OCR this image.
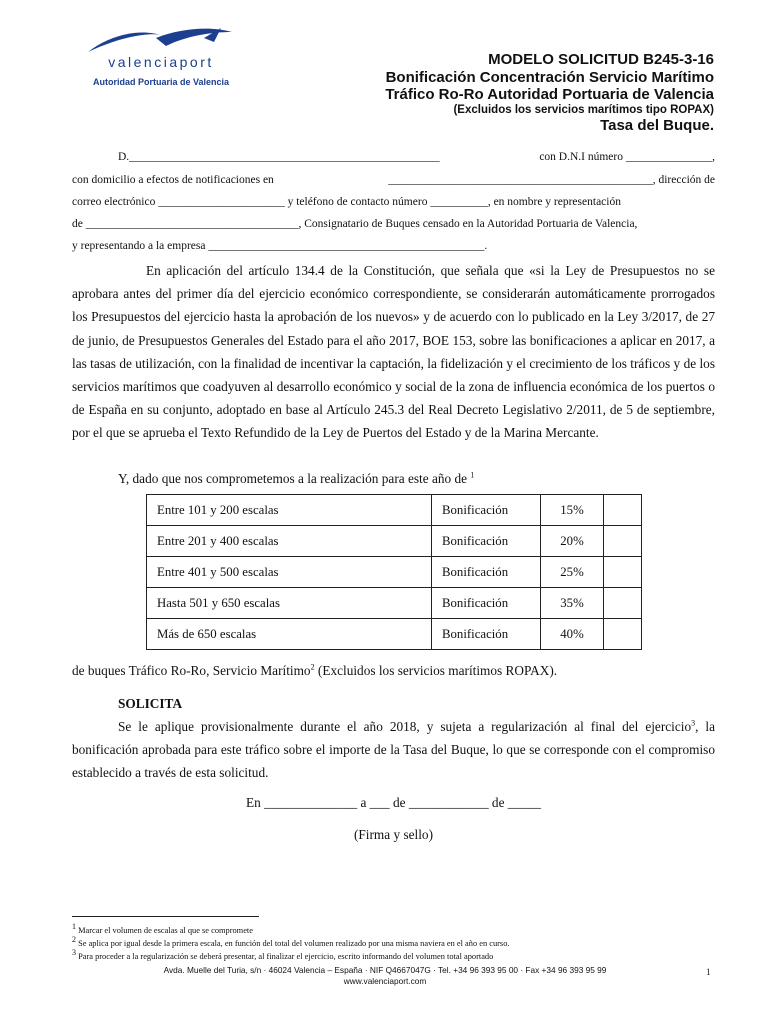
valenciaport
Autoridad Portuaria de Valencia
MODELO SOLICITUD B245-3-16
Bonificación Concentración Servicio Marítimo
Tráfico Ro-Ro Autoridad Portuaria de Valencia
(Excluidos los servicios marítimos tipo ROPAX)
Tasa del Buque.
D.______________________________________________________	con D.N.I número _______________,
con domicilio a efectos de notificaciones en	______________________________________________, dirección de
correo electrónico ______________________ y teléfono de contacto número __________, en nombre y representación
de _____________________________________, Consignatario de Buques censado en la Autoridad Portuaria de Valencia,
y representando a la empresa ________________________________________________.
En aplicación del artículo 134.4 de la Constitución, que señala que «si la Ley de Presupuestos no se aprobara antes del primer día del ejercicio económico correspondiente, se considerarán automáticamente prorrogados los Presupuestos del ejercicio hasta la aprobación de los nuevos» y de acuerdo con lo publicado en la Ley 3/2017, de 27 de junio, de Presupuestos Generales del Estado para el año 2017, BOE 153, sobre las bonificaciones a aplicar en 2017, a las tasas de utilización, con la finalidad de incentivar la captación, la fidelización y el crecimiento de los tráficos y de los servicios marítimos que coadyuven al desarrollo económico y social de la zona de influencia económica de los puertos o de España en su conjunto, adoptado en base al Artículo 245.3 del Real Decreto Legislativo 2/2011, de 5 de septiembre, por el que se aprueba el Texto Refundido de la Ley de Puertos del Estado y de la Marina Mercante.
Y, dado que nos comprometemos a la realización para este año de $^1$
Entre 101 y 200 escalas	Bonificación	15%	
Entre 201 y 400 escalas	Bonificación	20%	
Entre 401 y 500 escalas	Bonificación	25%	
Hasta 501 y 650 escalas	Bonificación	35%	
Más de 650 escalas	Bonificación	40%	
de buques Tráfico Ro-Ro, Servicio Marítimo$^2$ (Excluidos los servicios marítimos ROPAX).
SOLICITA
Se le aplique provisionalmente durante el año 2018, y sujeta a regularización al final del ejercicio$^3$, la bonificación aprobada para este tráfico sobre el importe de la Tasa del Buque, lo que se corresponde con el compromiso establecido a través de esta solicitud.
En ______________ a ___ de ____________ de _____
(Firma y sello)
$^1$ Marcar el volumen de escalas al que se compromete
$^2$ Se aplica por igual desde la primera escala, en función del total del volumen realizado por una misma naviera en el año en curso.
$^3$ Para proceder a la regularización se deberá presentar, al finalizar el ejercicio, escrito informando del volumen total aportado
Avda. Muelle del Turia, s/n · 46024 Valencia – España · NIF Q4667047G · Tel. +34 96 393 95 00 · Fax +34 96 393 95 99
www.valenciaport.com
1
